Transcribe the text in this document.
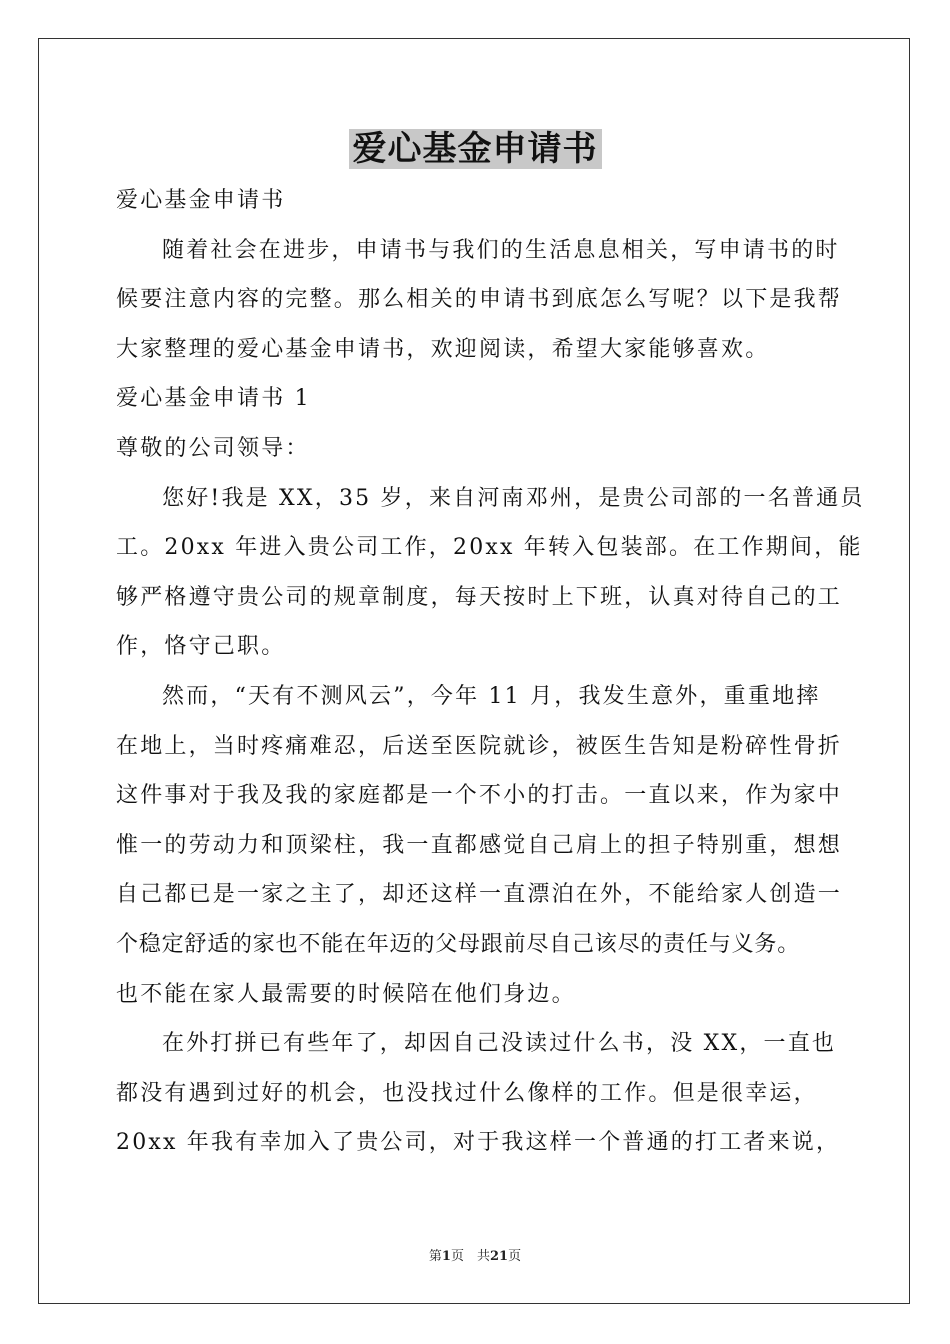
爱心基金申请书
爱心基金申请书
随着社会在进步，申请书与我们的生活息息相关，写申请书的时
候要注意内容的完整。那么相关的申请书到底怎么写呢？以下是我帮
大家整理的爱心基金申请书，欢迎阅读，希望大家能够喜欢。
爱心基金申请书 1
尊敬的公司领导：
您好!我是 XX，35 岁，来自河南邓州，是贵公司部的一名普通员
工。20xx 年进入贵公司工作，20xx 年转入包装部。在工作期间，能
够严格遵守贵公司的规章制度，每天按时上下班，认真对待自己的工
作，恪守己职。
然而，“天有不测风云”，今年 11 月，我发生意外，重重地摔
在地上，当时疼痛难忍，后送至医院就诊，被医生告知是粉碎性骨折
这件事对于我及我的家庭都是一个不小的打击。一直以来，作为家中
惟一的劳动力和顶梁柱，我一直都感觉自己肩上的担子特别重，想想
自己都已是一家之主了，却还这样一直漂泊在外，不能给家人创造一
个稳定舒适的家也不能在年迈的父母跟前尽自己该尽的责任与义务。
也不能在家人最需要的时候陪在他们身边。
在外打拼已有些年了，却因自己没读过什么书，没 XX，一直也
都没有遇到过好的机会，也没找过什么像样的工作。但是很幸运，
20xx 年我有幸加入了贵公司，对于我这样一个普通的打工者来说，
第1页　共21页
